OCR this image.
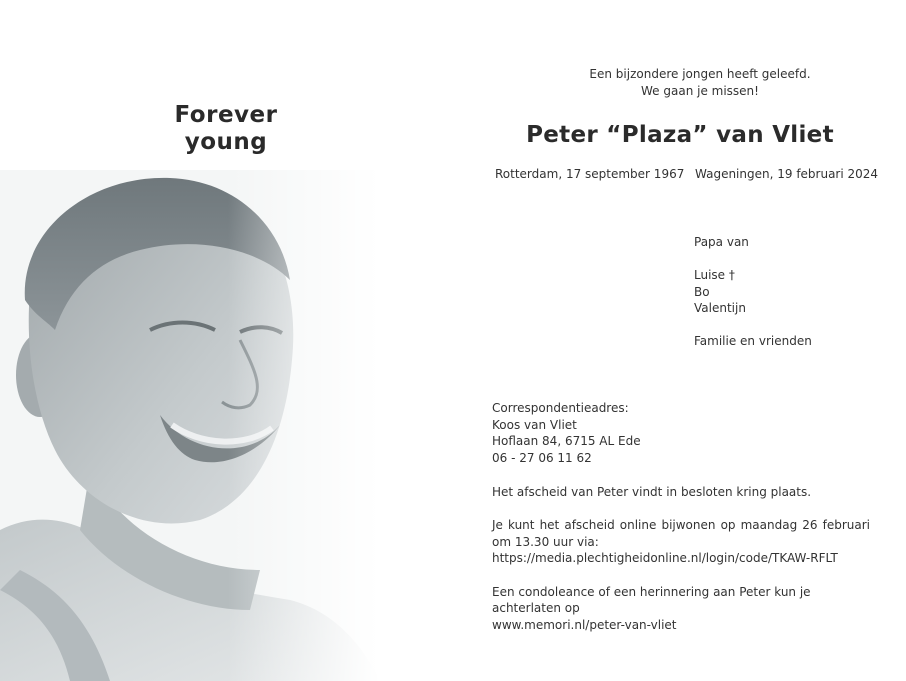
Forever
young
Een bijzondere jongen heeft geleefd.
We gaan je missen!
Peter “Plaza” van Vliet
Rotterdam, 17 september 1967 Wageningen, 19 februari 2024
Papa van
Luise †
Bo
Valentijn
Familie en vrienden
Correspondentieadres:
Koos van Vliet
Hoflaan 84, 6715 AL Ede
06 - 27 06 11 62
Het afscheid van Peter vindt in besloten kring plaats.
Je kunt het afscheid online bijwonen op maandag 26 februari om 13.30 uur via:
https://media.plechtigheidonline.nl/login/code/TKAW-RFLT
Een condoleance of een herinnering aan Peter kun je achterlaten op
www.memori.nl/peter-van-vliet
